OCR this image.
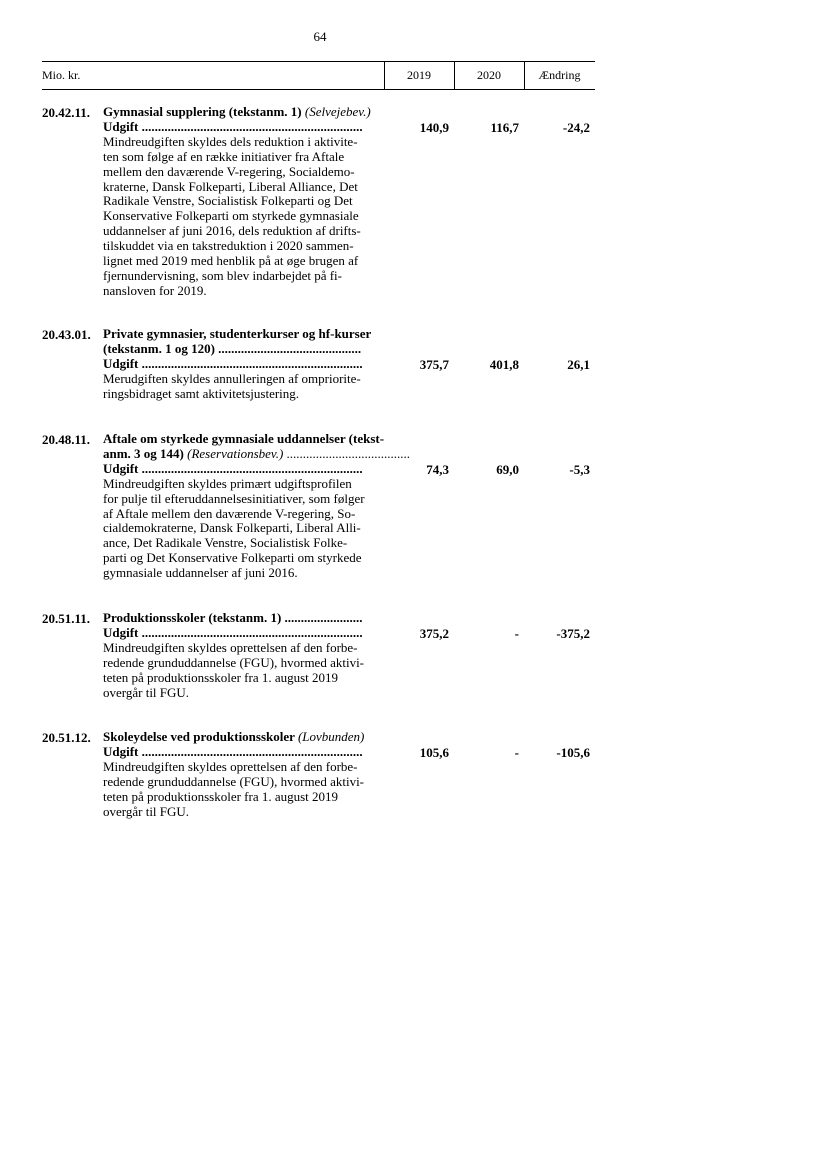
64
Mio. kr.	2019	2020	Ændring
20.42.11. Gymnasial supplering (tekstanm. 1) (Selvejebev.)
Udgift ....................................................................
Mindreudgiften skyldes dels reduktion i aktivite-
ten som følge af en række initiativer fra Aftale
mellem den daværende V-regering, Socialdemo-
kraterne, Dansk Folkeparti, Liberal Alliance, Det
Radikale Venstre, Socialistisk Folkeparti og Det
Konservative Folkeparti om styrkede gymnasiale
uddannelser af juni 2016, dels reduktion af drifts-
tilskuddet via en takstreduktion i 2020 sammen-
lignet med 2019 med henblik på at øge brugen af
fjernundervisning, som blev indarbejdet på fi-
nansloven for 2019.
140,9	116,7	-24,2
20.43.01. Private gymnasier, studenterkurser og hf-kurser
(tekstanm. 1 og 120) ............................................
Udgift ....................................................................
Merudgiften skyldes annulleringen af ompriorite-
ringsbidraget samt aktivitetsjustering.
375,7	401,8	26,1
20.48.11. Aftale om styrkede gymnasiale uddannelser (tekst-
anm. 3 og 144) (Reservationsbev.) ......................................
Udgift ....................................................................
Mindreudgiften skyldes primært udgiftsprofilen
for pulje til efteruddannelsesinitiativer, som følger
af Aftale mellem den daværende V-regering, So-
cialdemokraterne, Dansk Folkeparti, Liberal Alli-
ance, Det Radikale Venstre, Socialistisk Folke-
parti og Det Konservative Folkeparti om styrkede
gymnasiale uddannelser af juni 2016.
74,3	69,0	-5,3
20.51.11. Produktionsskoler (tekstanm. 1) ........................
Udgift ....................................................................
Mindreudgiften skyldes oprettelsen af den forbe-
redende grunduddannelse (FGU), hvormed aktivi-
teten på produktionsskoler fra 1. august 2019
overgår til FGU.
375,2	-	-375,2
20.51.12. Skoleydelse ved produktionsskoler (Lovbunden)
Udgift ....................................................................
Mindreudgiften skyldes oprettelsen af den forbe-
redende grunduddannelse (FGU), hvormed aktivi-
teten på produktionsskoler fra 1. august 2019
overgår til FGU.
105,6	-	-105,6
